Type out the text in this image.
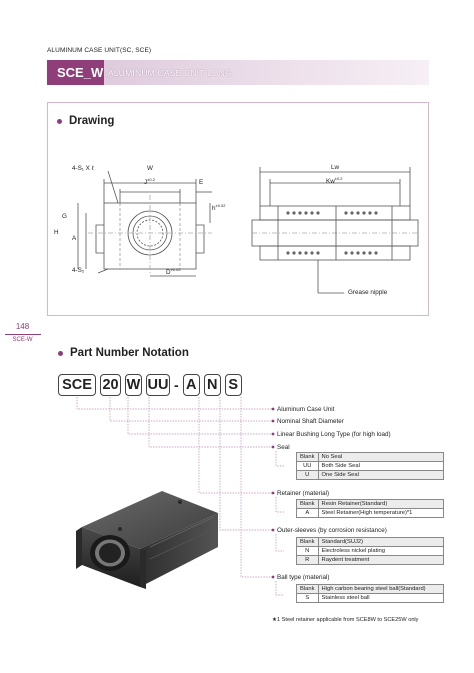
ALUMINUM CASE UNIT(SC, SCE)
SCE_W ALUMINUM CASE UNIT LONG
Drawing
4-S₁ X ℓ	W
$J^{\pm 0.2}$	E
$h^{\pm 0.02}$
G
H
A
4-S₂	$D^{\pm 0.02}$
Lw
$Kw^{\pm 0.2}$
Grease nipple
148
SCE-W
Part Number Notation
SCE 20 W UU - A N S
Aluminum Case Unit
Nominal Shaft Diameter
Linear Bushing Long Type (for high load)
Seal
Blank	No Seal
UU	Both Side Seal
U	One Side Seal
Retainer (material)
Blank	Resin Retainer(Standard)
A	Steel Retainer(High temperature)*1
Outer-sleeves (by corrosion resistance)
Blank	Standard(SUJ2)
N	Electroless nickel plating
R	Raydent treatment
Ball type (material)
Blank	High carbon bearing steel ball(Standard)
S	Stainless steel ball
★1 Steel retainer applicable from SCE8W to SCE25W only
